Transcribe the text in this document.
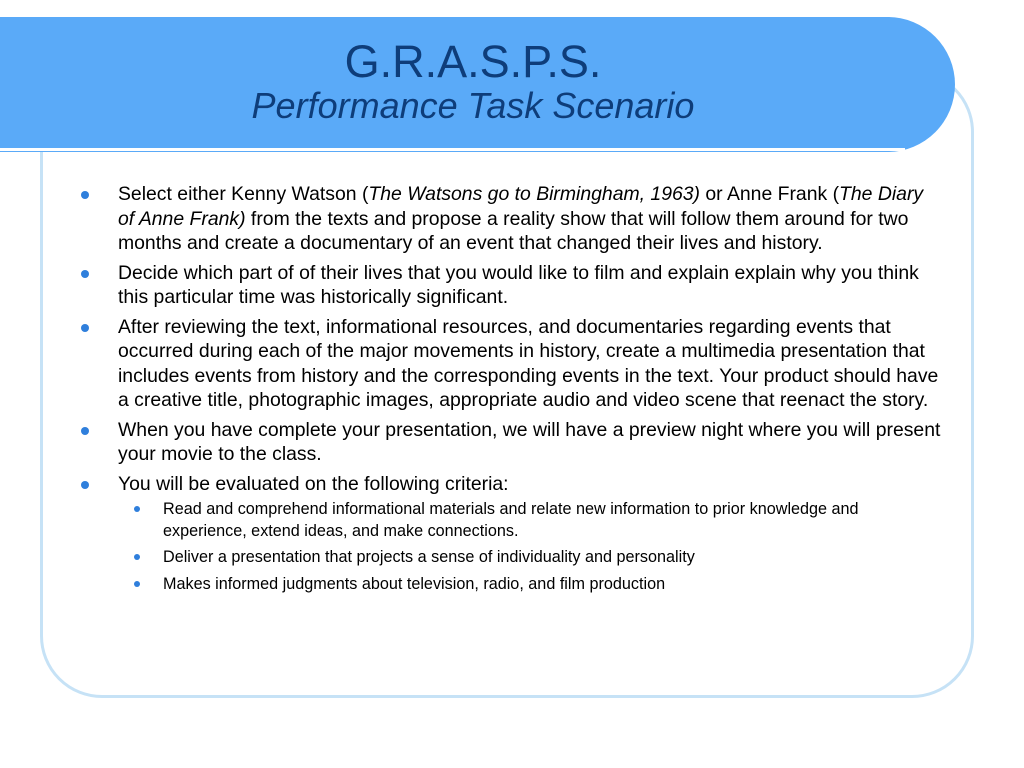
G.R.A.S.P.S.
Performance Task Scenario
Select either Kenny Watson (The Watsons go to Birmingham, 1963) or Anne Frank (The Diary of Anne Frank) from the texts and propose a reality show that will follow them around for two months and create a documentary of an event that changed their lives and history.
Decide which part of of their lives that you would like to film and explain explain why you think this particular time was historically significant.
After reviewing the text, informational resources, and documentaries regarding events that occurred during each of the major movements in history, create a multimedia presentation that includes events from history and the corresponding events in the text. Your product should have a creative title, photographic images, appropriate audio and video scene that reenact the story.
When you have complete your presentation, we will have a preview night where you will present your movie to the class.
You will be evaluated on the following criteria:
Read and comprehend informational materials and relate new information to prior knowledge and experience, extend ideas, and make connections.
Deliver a presentation that projects a sense of individuality and personality
Makes informed judgments about television, radio, and film production
